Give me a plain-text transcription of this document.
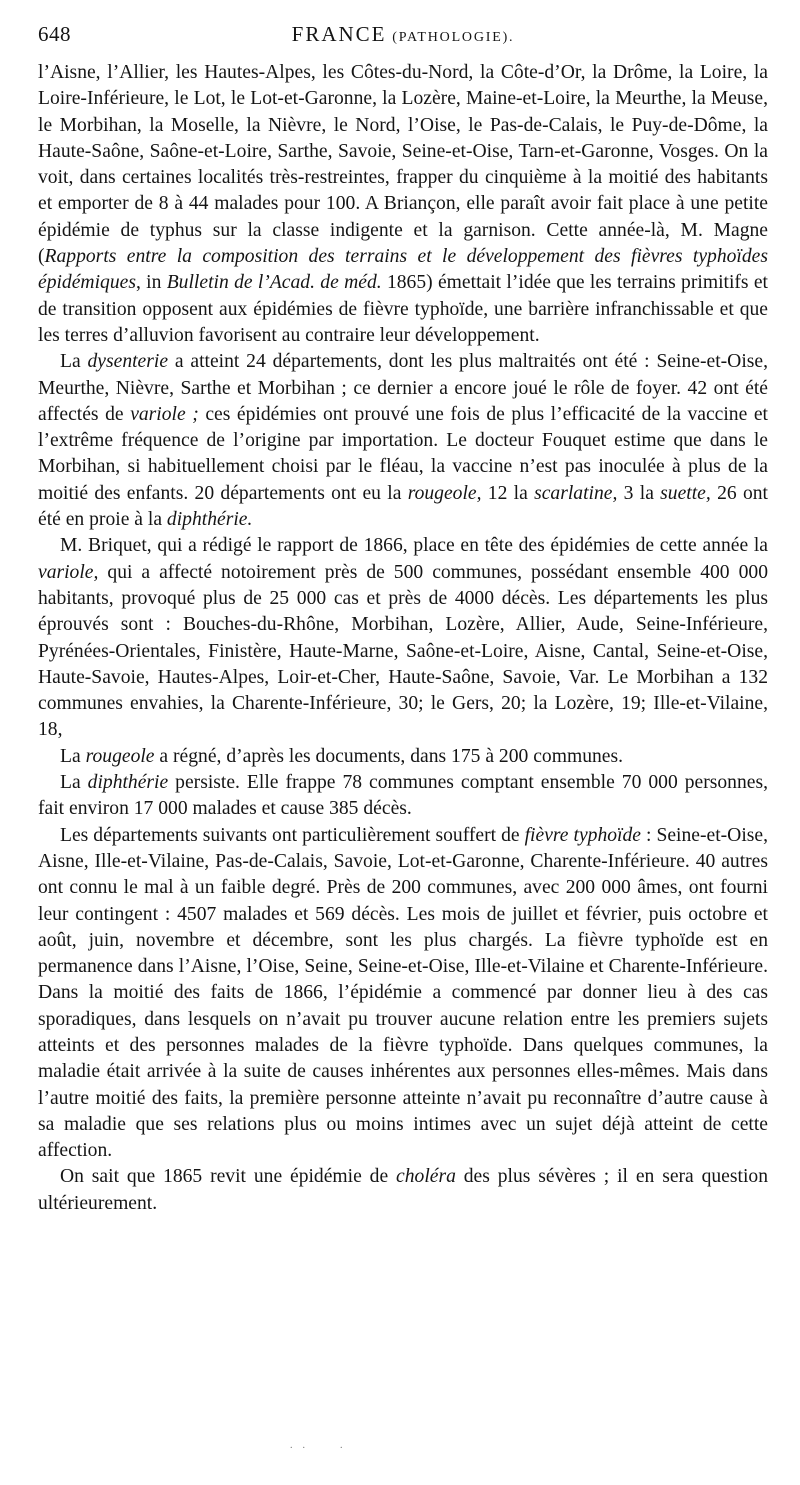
648	FRANCE (PATHOLOGIE).

l’Aisne, l’Allier, les Hautes-Alpes, les Côtes-du-Nord, la Côte-d’Or, la Drôme, la Loire, la Loire-Inférieure, le Lot, le Lot-et-Garonne, la Lozère, Maine-et-Loire, la Meurthe, la Meuse, le Morbihan, la Moselle, la Nièvre, le Nord, l’Oise, le Pas-de-Calais, le Puy-de-Dôme, la Haute-Saône, Saône-et-Loire, Sarthe, Savoie, Seine-et-Oise, Tarn-et-Garonne, Vosges. On la voit, dans certaines localités très-restreintes, frapper du cinquième à la moitié des habitants et emporter de 8 à 44 malades pour 100. A Briançon, elle paraît avoir fait place à une petite épidémie de typhus sur la classe indigente et la garnison. Cette année-là, M. Magne (Rapports entre la composition des terrains et le développement des fièvres typhoïdes épidémiques, in Bulletin de l’Acad. de méd. 1865) émettait l’idée que les terrains primitifs et de transition opposent aux épidémies de fièvre typhoïde, une barrière infranchissable et que les terres d’alluvion favorisent au contraire leur développement.

La dysenterie a atteint 24 départements, dont les plus maltraités ont été : Seine-et-Oise, Meurthe, Nièvre, Sarthe et Morbihan ; ce dernier a encore joué le rôle de foyer. 42 ont été affectés de variole ; ces épidémies ont prouvé une fois de plus l’efficacité de la vaccine et l’extrême fréquence de l’origine par importation. Le docteur Fouquet estime que dans le Morbihan, si habituellement choisi par le fléau, la vaccine n’est pas inoculée à plus de la moitié des enfants. 20 départements ont eu la rougeole, 12 la scarlatine, 3 la suette, 26 ont été en proie à la diphthérie.

M. Briquet, qui a rédigé le rapport de 1866, place en tête des épidémies de cette année la variole, qui a affecté notoirement près de 500 communes, possédant ensemble 400 000 habitants, provoqué plus de 25 000 cas et près de 4000 décès. Les départements les plus éprouvés sont : Bouches-du-Rhône, Morbihan, Lozère, Allier, Aude, Seine-Inférieure, Pyrénées-Orientales, Finistère, Haute-Marne, Saône-et-Loire, Aisne, Cantal, Seine-et-Oise, Haute-Savoie, Hautes-Alpes, Loir-et-Cher, Haute-Saône, Savoie, Var. Le Morbihan a 132 communes envahies, la Charente-Inférieure, 30; le Gers, 20; la Lozère, 19; Ille-et-Vilaine, 18,

La rougeole a régné, d’après les documents, dans 175 à 200 communes.

La diphthérie persiste. Elle frappe 78 communes comptant ensemble 70 000 personnes, fait environ 17 000 malades et cause 385 décès.

Les départements suivants ont particulièrement souffert de fièvre typhoïde : Seine-et-Oise, Aisne, Ille-et-Vilaine, Pas-de-Calais, Savoie, Lot-et-Garonne, Charente-Inférieure. 40 autres ont connu le mal à un faible degré. Près de 200 communes, avec 200 000 âmes, ont fourni leur contingent : 4507 malades et 569 décès. Les mois de juillet et février, puis octobre et août, juin, novembre et décembre, sont les plus chargés. La fièvre typhoïde est en permanence dans l’Aisne, l’Oise, Seine, Seine-et-Oise, Ille-et-Vilaine et Charente-Inférieure. Dans la moitié des faits de 1866, l’épidémie a commencé par donner lieu à des cas sporadiques, dans lesquels on n’avait pu trouver aucune relation entre les premiers sujets atteints et des personnes malades de la fièvre typhoïde. Dans quelques communes, la maladie était arrivée à la suite de causes inhérentes aux personnes elles-mêmes. Mais dans l’autre moitié des faits, la première personne atteinte n’avait pu reconnaître d’autre cause à sa maladie que ses relations plus ou moins intimes avec un sujet déjà atteint de cette affection.

On sait que 1865 revit une épidémie de choléra des plus sévères ; il en sera question ultérieurement.

..  .
